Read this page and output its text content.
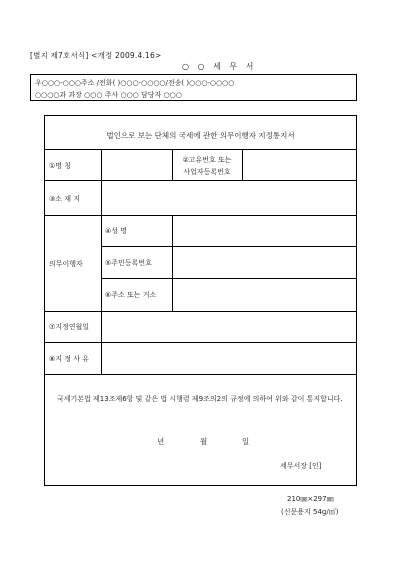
[별지 제7호서식] <개정 2009.4.16>
○ ○ 세 무 서
우○○○-○○○주소 /전화( )○○○-○○○○/전송( )○○○-○○○○
○○○○과 과장 ○○○ 주사 ○○○ 담당자 ○○○
법인으로 보는 단체의 국세에 관한 의무이행자 지정통지서
①명 칭
②고유번호 또는
사업자등록번호
③소 재 지
의무이행자
④성 명
⑤주민등록번호
⑥주소 또는 거소
⑦지정연월일
⑧지 정 사 유
국세기본법 제13조제6항 및 같은 법 시행령 제9조의2의 규정에 의하여 위와 같이 통지합니다.
년	월	일
세무서장 [인]
210㎜×297㎜
(신문용지 54g/㎡)
